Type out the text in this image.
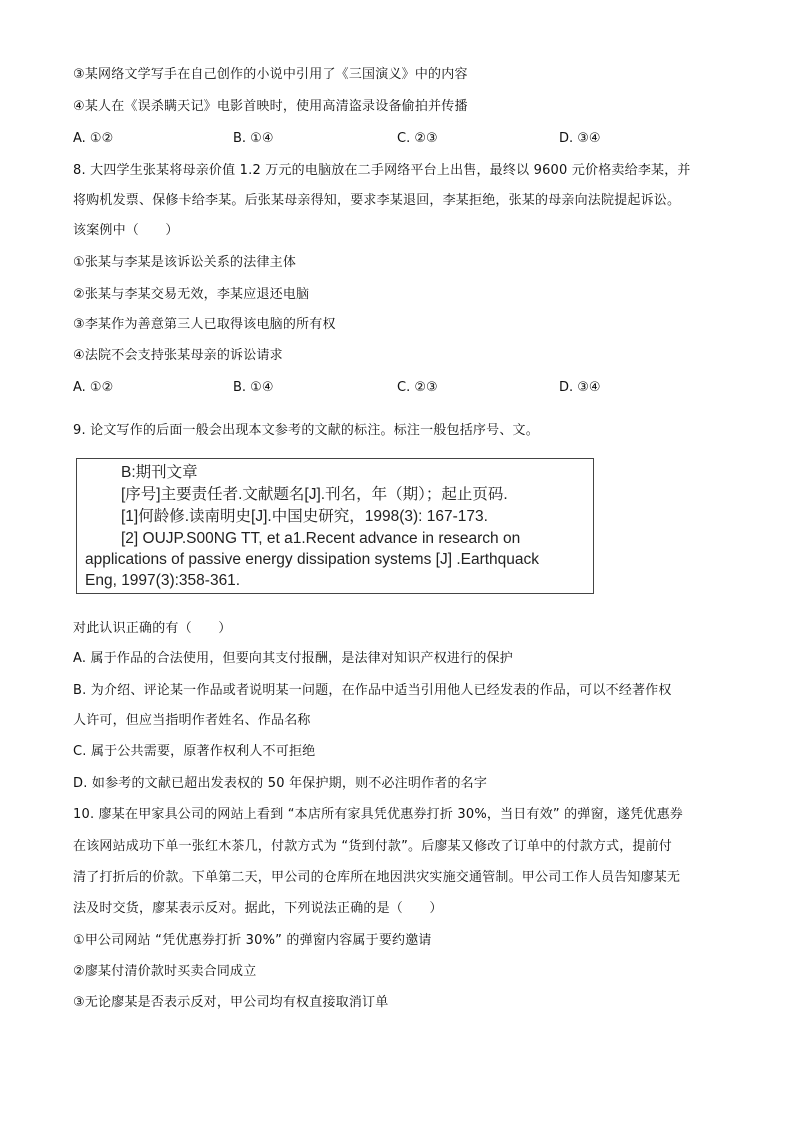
③某网络文学写手在自己创作的小说中引用了《三国演义》中的内容
④某人在《误杀瞒天记》电影首映时，使用高清盗录设备偷拍并传播
A. ①②	B. ①④	C. ②③	D. ③④
8. 大四学生张某将母亲价值 1.2 万元的电脑放在二手网络平台上出售，最终以 9600 元价格卖给李某，并
将购机发票、保修卡给李某。后张某母亲得知，要求李某退回，李某拒绝，张某的母亲向法院提起诉讼。
该案例中（　　）
①张某与李某是该诉讼关系的法律主体
②张某与李某交易无效，李某应退还电脑
③李某作为善意第三人已取得该电脑的所有权
④法院不会支持张某母亲的诉讼请求
A. ①②	B. ①④	C. ②③	D. ③④
9. 论文写作的后面一般会出现本文参考的文献的标注。标注一般包括序号、文。
B:期刊文章
[序号]主要责任者.文献题名[J].刊名，年（期）；起止页码.
[1]何龄修.读南明史[J].中国史研究，1998(3): 167-173.
[2] OUJP.S00NG TT, et a1.Recent advance in research on
applications of passive energy dissipation systems [J] .Earthquack
Eng, 1997(3):358-361.
对此认识正确的有（　　）
A. 属于作品的合法使用，但要向其支付报酬，是法律对知识产权进行的保护
B. 为介绍、评论某一作品或者说明某一问题，在作品中适当引用他人已经发表的作品，可以不经著作权
人许可，但应当指明作者姓名、作品名称
C. 属于公共需要，原著作权利人不可拒绝
D. 如参考的文献已超出发表权的 50 年保护期，则不必注明作者的名字
10. 廖某在甲家具公司的网站上看到 “本店所有家具凭优惠券打折 30%，当日有效” 的弹窗，遂凭优惠券
在该网站成功下单一张红木茶几，付款方式为 “货到付款”。后廖某又修改了订单中的付款方式，提前付
清了打折后的价款。下单第二天，甲公司的仓库所在地因洪灾实施交通管制。甲公司工作人员告知廖某无
法及时交货，廖某表示反对。据此，下列说法正确的是（　　）
①甲公司网站 “凭优惠券打折 30%” 的弹窗内容属于要约邀请
②廖某付清价款时买卖合同成立
③无论廖某是否表示反对，甲公司均有权直接取消订单
